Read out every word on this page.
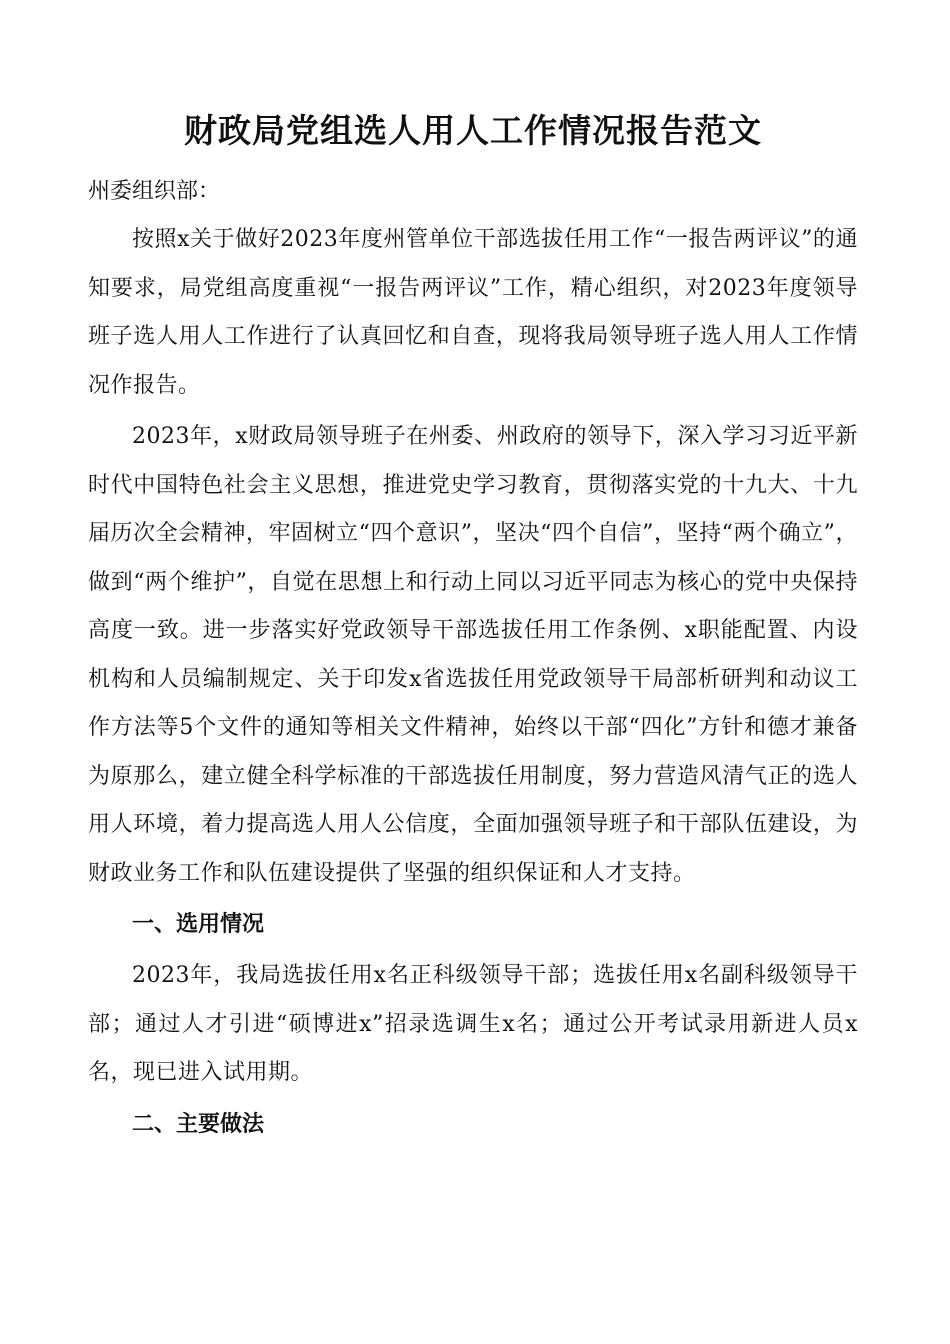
财政局党组选人用人工作情况报告范文

州委组织部：

按照x关于做好2023年度州管单位干部选拔任用工作“一报告两评议”的通知要求，局党组高度重视“一报告两评议”工作，精心组织，对2023年度领导班子选人用人工作进行了认真回忆和自查，现将我局领导班子选人用人工作情况作报告。

2023年，x财政局领导班子在州委、州政府的领导下，深入学习习近平新时代中国特色社会主义思想，推进党史学习教育，贯彻落实党的十九大、十九届历次全会精神，牢固树立“四个意识”，坚决“四个自信”，坚持“两个确立”，做到“两个维护”，自觉在思想上和行动上同以习近平同志为核心的党中央保持高度一致。进一步落实好党政领导干部选拔任用工作条例、x职能配置、内设机构和人员编制规定、关于印发x省选拔任用党政领导干局部析研判和动议工作方法等5个文件的通知等相关文件精神，始终以干部“四化”方针和德才兼备为原那么，建立健全科学标准的干部选拔任用制度，努力营造风清气正的选人用人环境，着力提高选人用人公信度，全面加强领导班子和干部队伍建设，为财政业务工作和队伍建设提供了坚强的组织保证和人才支持。

一、选用情况

2023年，我局选拔任用x名正科级领导干部；选拔任用x名副科级领导干部；通过人才引进“硕博进x”招录选调生x名；通过公开考试录用新进人员x名，现已进入试用期。

二、主要做法
